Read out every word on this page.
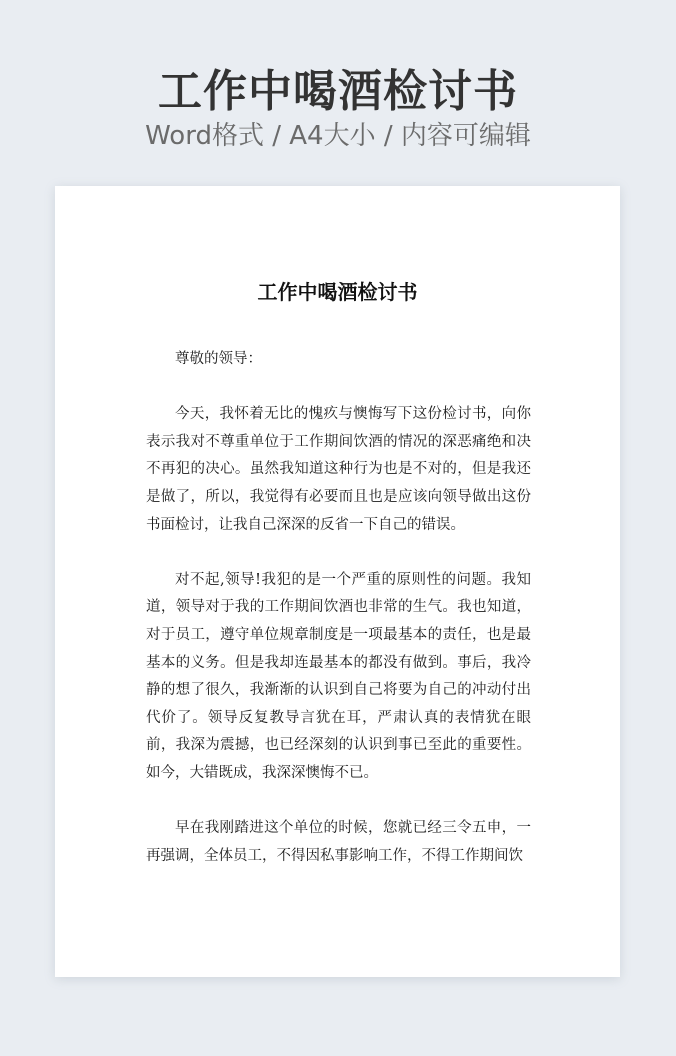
工作中喝酒检讨书
Word格式 / A4大小 / 内容可编辑
工作中喝酒检讨书

尊敬的领导：

今天，我怀着无比的愧疚与懊悔写下这份检讨书，向你表示我对不尊重单位于工作期间饮酒的情况的深恶痛绝和决不再犯的决心。虽然我知道这种行为也是不对的，但是我还是做了，所以，我觉得有必要而且也是应该向领导做出这份书面检讨，让我自己深深的反省一下自己的错误。

对不起,领导!我犯的是一个严重的原则性的问题。我知道，领导对于我的工作期间饮酒也非常的生气。我也知道，对于员工，遵守单位规章制度是一项最基本的责任，也是最基本的义务。但是我却连最基本的都没有做到。事后，我冷静的想了很久，我渐渐的认识到自己将要为自己的冲动付出代价了。领导反复教导言犹在耳，严肃认真的表情犹在眼前，我深为震撼，也已经深刻的认识到事已至此的重要性。如今，大错既成，我深深懊悔不已。

早在我刚踏进这个单位的时候，您就已经三令五申，一再强调，全体员工，不得因私事影响工作，不得工作期间饮
